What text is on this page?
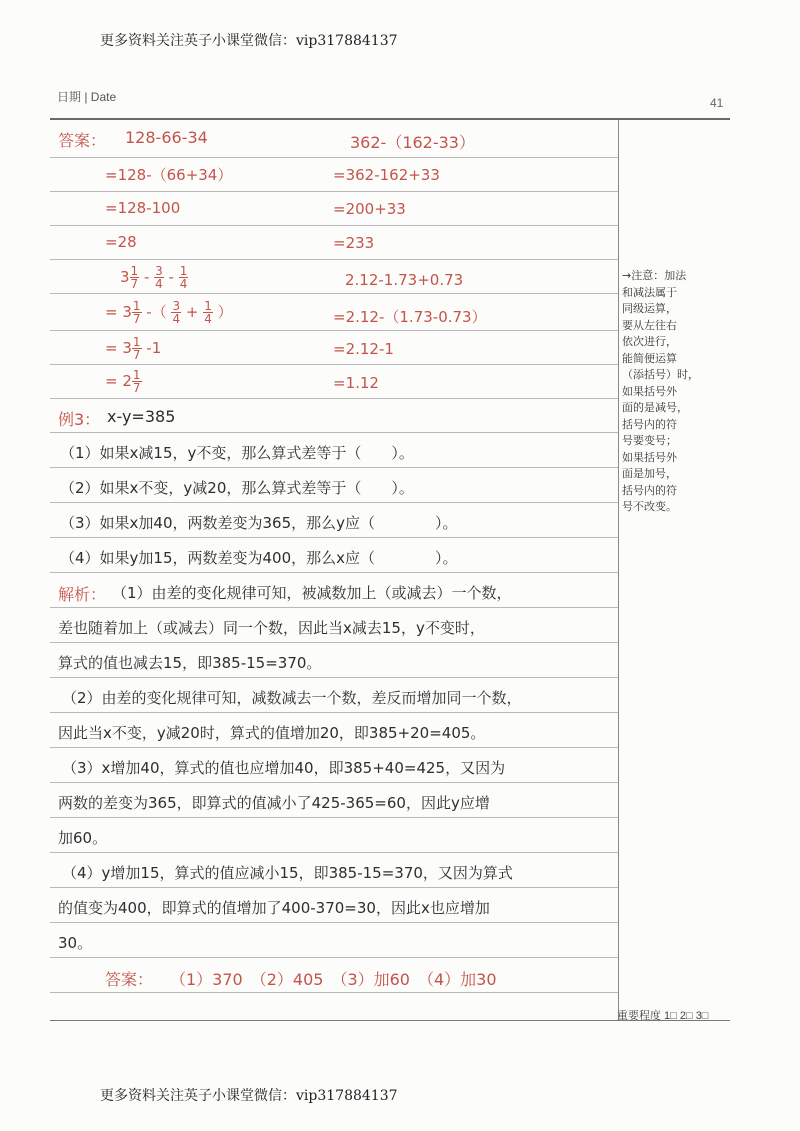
更多资料关注英子小课堂微信：vip317884137
日期 | Date	41
答案： 128-66-34
=128-（66+34）
=128-100
=28
362-（162-33）
=362-162+33
=200+33
=233
$3 \frac{1}{7} - \frac{3}{4} - \frac{1}{4}$
= $3 \frac{1}{7}$ -（ $\frac{3}{4} + \frac{1}{4}$ ）
= $3 \frac{1}{7} -1$
= $2 \frac{1}{7}$
2.12-1.73+0.73
=2.12-（1.73-0.73）
=2.12-1
=1.12
例3： x-y=385
（1）如果x减15，y不变，那么算式差等于（　　）。
（2）如果x不变，y减20，那么算式差等于（　　）。
（3）如果x加40，两数差变为365，那么y应（　　　　）。
（4）如果y加15，两数差变为400，那么x应（　　　　）。
解析： （1）由差的变化规律可知，被减数加上（或减去）一个数，
差也随着加上（或减去）同一个数，因此当x减去15，y不变时，
算式的值也减去15，即385-15=370。
（2）由差的变化规律可知，减数减去一个数，差反而增加同一个数，
因此当x不变，y减20时，算式的值增加20，即385+20=405。
（3）x增加40，算式的值也应增加40，即385+40=425，又因为
两数的差变为365，即算式的值减小了425-365=60，因此y应增
加60。
（4）y增加15，算式的值应减小15，即385-15=370，又因为算式
的值变为400，即算式的值增加了400-370=30，因此x也应增加
30。
答案： （1）370　（2）405　（3）加60　（4）加30
→注意：加法
和减法属于
同级运算，
要从左往右
依次进行，
能简便运算
（添括号）时，
如果括号外
面的是减号，
括号内的符
号要变号；
如果括号外
面是加号，
括号内的符
号不改变。
重要程度 1□ 2□ 3□
更多资料关注英子小课堂微信：vip317884137
